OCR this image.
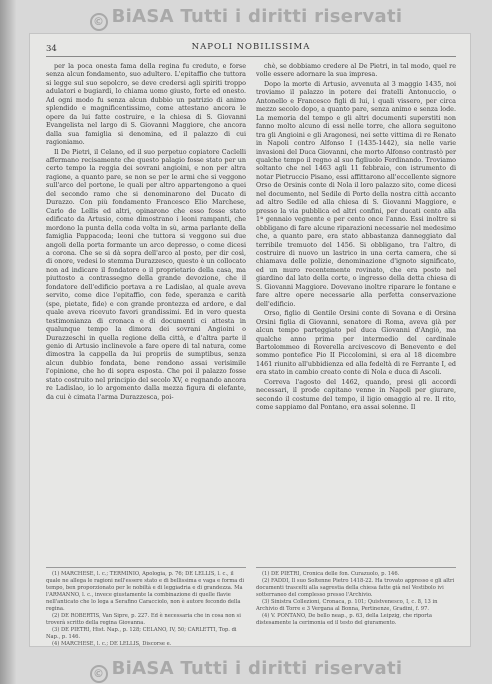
© BiASA Tutti i diritti riservati
34	NAPOLI NOBILISSIMA

per la poca onesta fama della regina fu creduto, e forse senza alcun fondamento, suo adultero. L'epitaffio che tuttora si legge sul suo sepolcro, se deve credersi agli spiriti troppo adulatori e bugiardi, lo chiama uomo giusto, forte ed onesto. Ad ogni modo fu senza alcun dubbio un patrizio di animo splendido e magnificentissimo, come attestano ancora le opere da lui fatte costruire, e la chiesa di S. Giovanni Evangelista nel largo di S. Giovanni Maggiore, che ancora dalla sua famiglia si denomina, ed il palazzo di cui ragioniamo.

Il De Pietri, il Celano, ed il suo perpetuo copiatore Caclelli affermano recisamente che questo palagio fosse stato per un certo tempo la reggia dei sovrani angioini, e non per altra ragione, a quanto pare, se non se per le armi che si veggono sull'arco del portone, le quali per altro appartengono a quei del secondo ramo che si denominarono del Ducato di Durazzo. Con più fondamento Francesco Elio Marchese, Carlo de Lellis ed altri, opinarono che esso fosse stato edificato da Artusio, come dimostrano i leoni rampanti, che mordono la punta della coda volta in sù, arma parlante della famiglia Pappacoda; leoni che tuttora si veggono sui due angoli della porta formante un arco depresso, o come dicesi a corona. Che se si dà sopra dell'arco al posto, per dir così, di onore, vedesi lo stemma Durazzesco, questo è un collocato non ad indicare il fondatore o il proprietario della casa, ma piuttosto a contrassegno della grande devozione, che il fondatore dell'edificio portava a re Ladislao, al quale aveva servito, come dice l'epitaffio, con fede, speranza e carità (spe, pietate, fide) e con grande prontezza ed ardore, e dal quale aveva ricevuto favori grandissimi. Ed in vero questa testimonianza di cronaca e di documenti ci attesta in qualunque tempo la dimora dei sovrani Angioini o Durazzeschi in quella regione della città, e d'altra parte il genio di Artusio inclinevole a fare opere di tal natura, come dimostra la cappella da lui propriis de sumptibus, senza alcun dubbio fondata, bene rendono assai verisimile l'opinione, che ho di sopra esposta. Che poi il palazzo fosse stato costruito nel principio del secolo XV, e regnando ancora re Ladislao, io lo argomento dalla mezza figura di elefante, da cui è cimata l'arma Durazzesca, poi-

chè, se dobbiamo credere al De Pietri, in tal modo, quel re volle essere adornare la sua impresa.

Dopo la morte di Artusio, avvenuta al 3 maggio 1435, noi troviamo il palazzo in potere dei fratelli Antonuccio, o Antonello e Francesco figli di lui, i quali vissero, per circa mezzo secolo dopo, a quanto pare, senza animo e senza lode. La memoria del tempo e gli altri documenti superstiti non fanno molto alcuno di essi nelle torre, che allora seguitono tra gli Angioini e gli Aragonesi, nei sette vittima di re Renato in Napoli contro Alfonso I (1435-1442), sia nelle varie invasioni del Duca Giovanni, che morto Alfonso contrastò per qualche tempo il regno al suo figliuolo Ferdinando. Troviamo soltanto che nel 1463 agli 11 febbraio, con istrumento di notar Pietruccio Pisano, essi affittarono all'eccellente signore Orso de Orsinis conte di Nola il loro palazzo sito, come dicesi nel documento, nel Sedile di Porto della nostra città accanto ad altro Sedile ed alla chiesa di S. Giovanni Maggiore, e presso la via pubblica ed altri confini, per ducati cento alla 1ª gennaio vegnente e per cento once l'anno. Essi inoltre si obbligano di fare alcune riparazioni necessarie nel medesimo che, a quanto pare, era stato abbastanza danneggiato dal terribile tremuoto del 1456. Si obbligano, tra l'altro, di costruire di nuovo un lastrico in una certa camera, che si chiamava delle polizie, denominazione d'ignoto significato, ed un muro recentemente rovinato, che era posto nel giardino dal lato della corte, o ingresso della detta chiesa di S. Giovanni Maggiore. Dovevano inoltre riparare le fontane e fare altre opere necessarie alla perfetta conservazione dell'edificio.

Orso, figlio di Gentile Orsini conte di Sovana e di Orsina Orsini figlia di Giovanni, senatore di Roma, aveva già per alcun tempo parteggiato pel duca Giovanni d'Angiò, ma qualche anno prima per intermedio del cardinale Bartolommeo di Roverella arcivescovo di Benevento e del sommo pontefice Pio II Piccolomini, si era al 18 dicembre 1461 riunito all'ubbidienza ed alla fedeltà di re Ferrante I, ed era stato in cambio creato conte di Nola e duca di Ascoli.

Correva l'agosto del 1462, quando, presi gli accordi necessari, il prode capitano venne in Napoli per giurare, secondo il costume del tempo, il ligio omaggio al re. Il rito, come sappiamo dal Pontano, era assai solenne. Il

(1) MARCHESE, l. c.; TERMINIO, Apologia, p. 76; DE LELLIS, l. c., il quale ne allega le ragioni nell'essere stato e di bellissima e vaga e forma di tempo, ben proporzionato per le nobiltà e di leggiadria e di grandezza. Ma l'ARMANNO, l. c., invece giustamente la combinazione di quelle flavie nell'anticato che lo lega a Serafino Caracciolo, non è autore fecondo della regina.
(2) DE ROBERTIS, Van Sipre, p. 227. Ed è necessaria che in cosa non si troverà scritto della regina Giovanna.
(3) DE PIETRI, Hist. Nap., p. 128; CELANO, IV, 50; CARLETTI, Top. di Nap., p. 146.
(4) MARCHESE, l. c.; DE LELLIS, Discorse e.
(1) DE PIETRI, Cronica delle fon. Curazuolo, p. 146.
(2) FADDI, Il suo Soltenne Pietro 1418-22. Ha trovato appresso e gli altri documenti trascelti alla sagrestia della chiesa fatte già nel Vestibolo ivi sotterraneo del complesso presso l'Archivio.
(3) Sinistra Collezioni, Cronaca, p. 101; Quistvenesco, I, c. 8, 13 in Archivio di Torre e 3 Vergana al Bonna, Pertinenze, Gradini, f. 97.
(4) V. PONTANO, De bello neap., p. 63, della Leipzig, che riporta distesamente la cerimonia ed il testo del giuramento.
© BiASA Tutti i diritti riservati
